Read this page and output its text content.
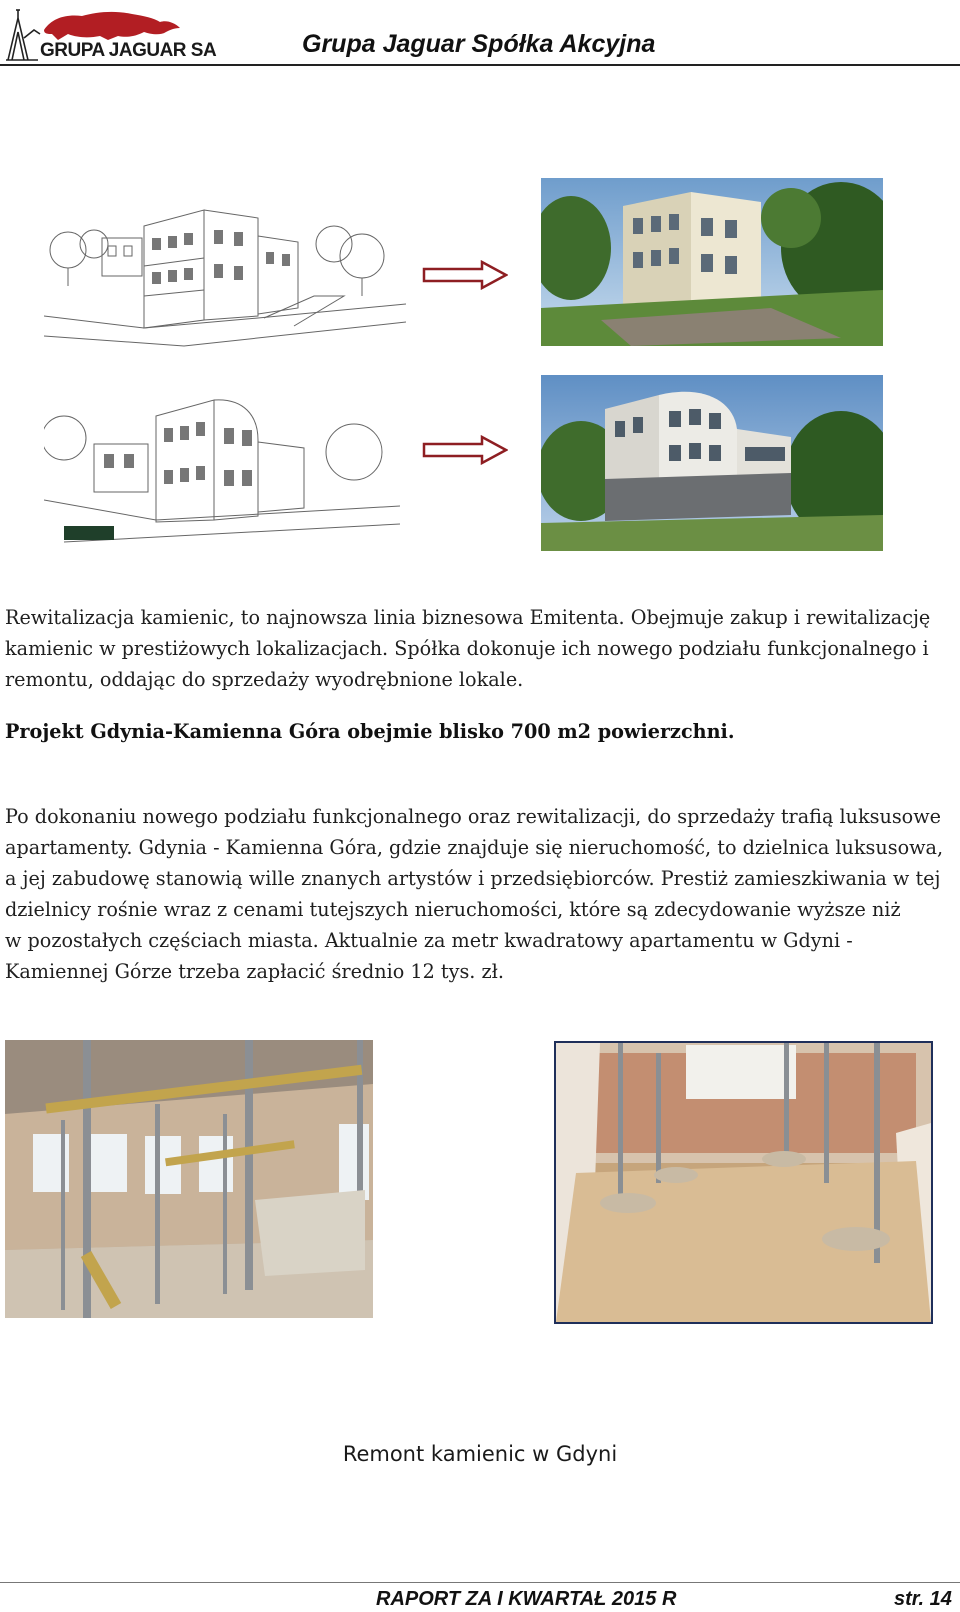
GRUPA JAGUAR SA	Grupa Jaguar Spółka Akcyjna
Rewitalizacja kamienic, to najnowsza linia biznesowa Emitenta. Obejmuje zakup i rewitalizację
kamienic w prestiżowych lokalizacjach. Spółka dokonuje ich nowego podziału funkcjonalnego i
remontu, oddając do sprzedaży wyodrębnione lokale.
Projekt Gdynia-Kamienna Góra obejmie blisko 700 m2 powierzchni.
Po dokonaniu nowego podziału funkcjonalnego oraz rewitalizacji, do sprzedaży trafią luksusowe
apartamenty. Gdynia - Kamienna Góra, gdzie znajduje się nieruchomość, to dzielnica luksusowa,
a jej zabudowę stanowią wille znanych artystów i przedsiębiorców. Prestiż zamieszkiwania w tej
dzielnicy rośnie wraz z cenami tutejszych nieruchomości, które są zdecydowanie wyższe niż
w pozostałych częściach miasta. Aktualnie za metr kwadratowy apartamentu w Gdyni -
Kamiennej Górze trzeba zapłacić średnio 12 tys. zł.
Remont kamienic w Gdyni
RAPORT ZA I KWARTAŁ 2015 R	str. 14
